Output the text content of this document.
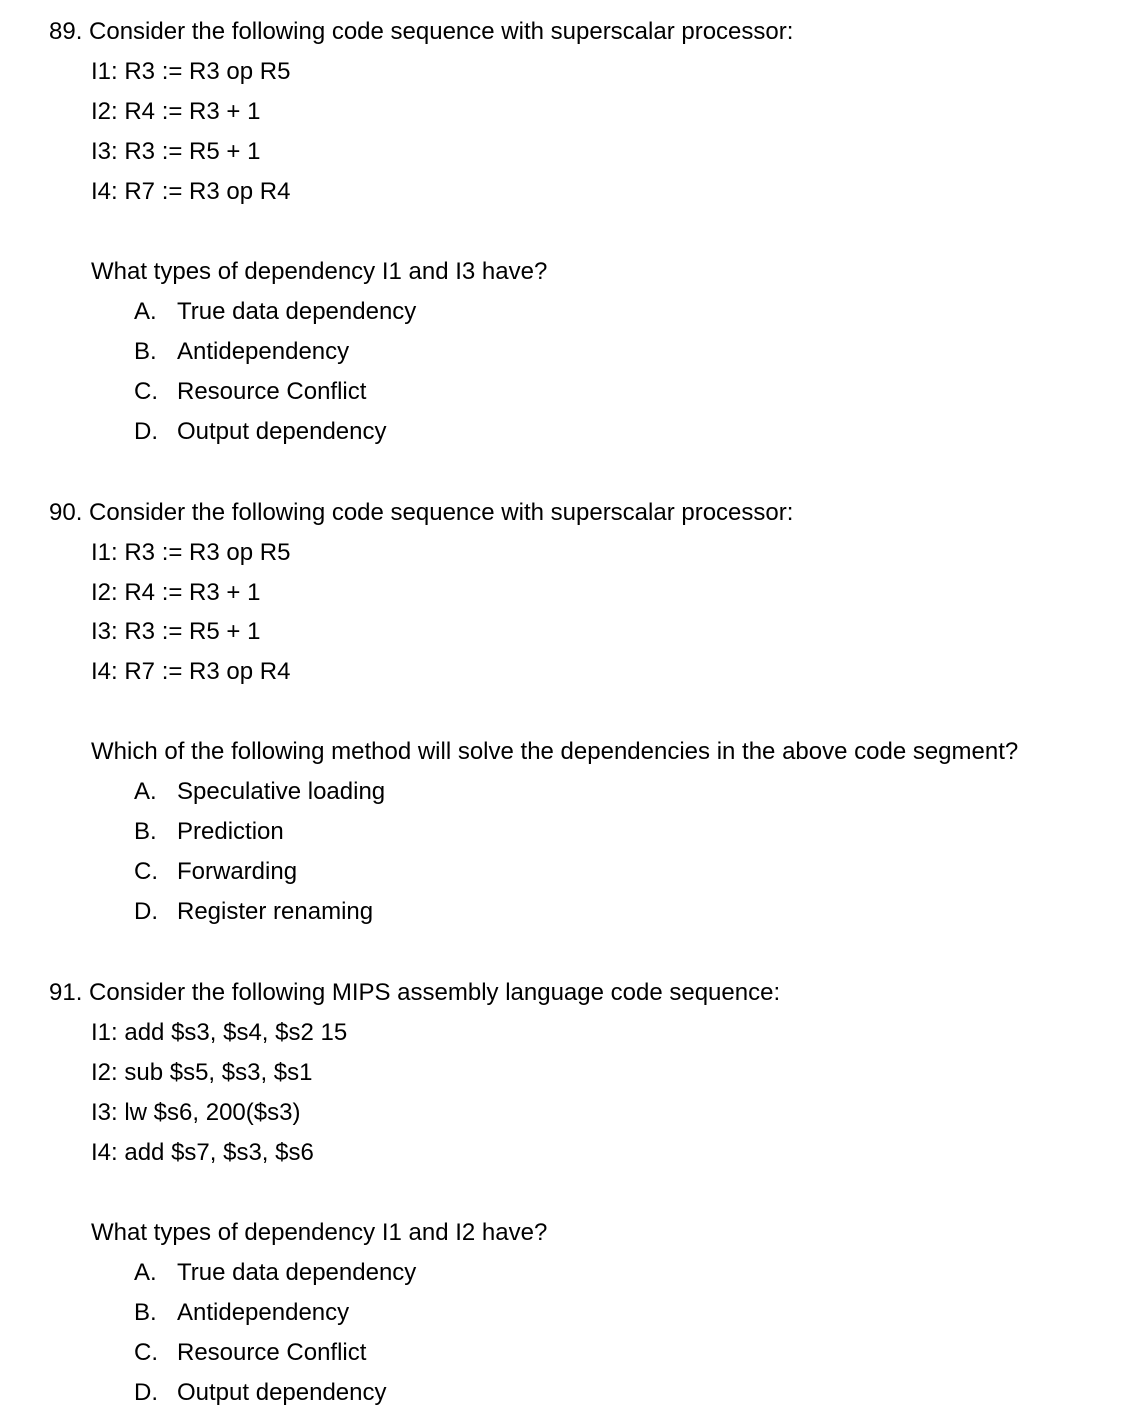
89. Consider the following code sequence with superscalar processor:
I1: R3 := R3 op R5
I2: R4 := R3 + 1
I3: R3 := R5 + 1
I4: R7 := R3 op R4
What types of dependency I1 and I3 have?
A. True data dependency
B. Antidependency
C. Resource Conflict
D. Output dependency
90. Consider the following code sequence with superscalar processor:
I1: R3 := R3 op R5
I2: R4 := R3 + 1
I3: R3 := R5 + 1
I4: R7 := R3 op R4
Which of the following method will solve the dependencies in the above code segment?
A. Speculative loading
B. Prediction
C. Forwarding
D. Register renaming
91. Consider the following MIPS assembly language code sequence:
I1: add $s3, $s4, $s2 15
I2: sub $s5, $s3, $s1
I3: lw $s6, 200($s3)
I4: add $s7, $s3, $s6
What types of dependency I1 and I2 have?
A. True data dependency
B. Antidependency
C. Resource Conflict
D. Output dependency
